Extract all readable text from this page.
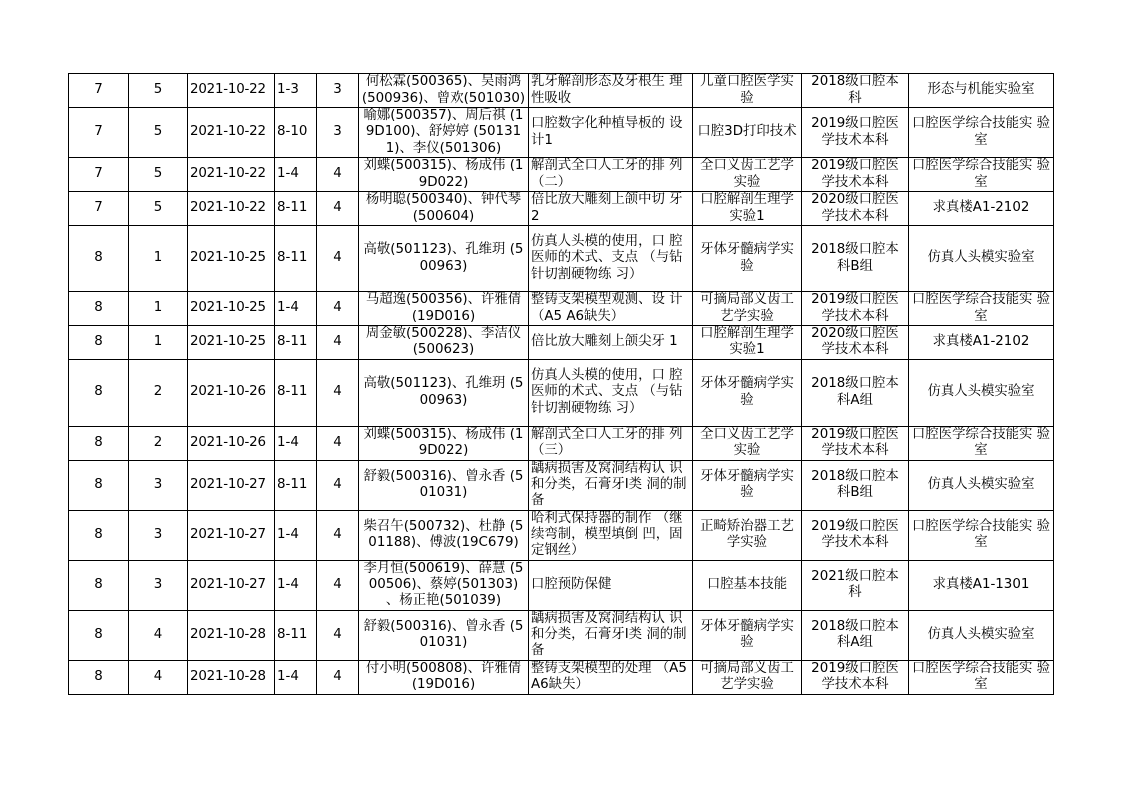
7	5	2021-10-22	1-3	3	何松霖(500365)、吴雨鸿 (500936)、曾欢(501030)	乳牙解剖形态及牙根生 理性吸收	儿童口腔医学实 验	2018级口腔本 科	形态与机能实验室
7	5	2021-10-22	8-10	3	喻娜(500357)、周后祺 (19D100)、舒婷婷 (501311)、李仪(501306)	口腔数字化种植导板的 设计1	口腔3D打印技术	2019级口腔医 学技术本科	口腔医学综合技能实 验室
7	5	2021-10-22	1-4	4	刘蝶(500315)、杨成伟 (19D022)	解剖式全口人工牙的排 列（二）	全口义齿工艺学 实验	2019级口腔医 学技术本科	口腔医学综合技能实 验室
7	5	2021-10-22	8-11	4	杨明聪(500340)、钟代琴 (500604)	倍比放大雕刻上颌中切 牙2	口腔解剖生理学 实验1	2020级口腔医 学技术本科	求真楼A1-2102
8	1	2021-10-25	8-11	4	高敬(501123)、孔维玥 (500963)	仿真人头模的使用，口 腔医师的术式、支点 （与钻针切割硬物练 习）	牙体牙髓病学实 验	2018级口腔本 科B组	仿真人头模实验室
8	1	2021-10-25	1-4	4	马超逸(500356)、许雅倩 (19D016)	整铸支架模型观测、设 计（A5 A6缺失）	可摘局部义齿工 艺学实验	2019级口腔医 学技术本科	口腔医学综合技能实 验室
8	1	2021-10-25	8-11	4	周金敏(500228)、李洁仪 (500623)	倍比放大雕刻上颌尖牙 1	口腔解剖生理学 实验1	2020级口腔医 学技术本科	求真楼A1-2102
8	2	2021-10-26	8-11	4	高敬(501123)、孔维玥 (500963)	仿真人头模的使用，口 腔医师的术式、支点 （与钻针切割硬物练 习）	牙体牙髓病学实 验	2018级口腔本 科A组	仿真人头模实验室
8	2	2021-10-26	1-4	4	刘蝶(500315)、杨成伟 (19D022)	解剖式全口人工牙的排 列（三）	全口义齿工艺学 实验	2019级口腔医 学技术本科	口腔医学综合技能实 验室
8	3	2021-10-27	8-11	4	舒毅(500316)、曾永香 (501031)	龋病损害及窝洞结构认 识和分类，石膏牙Ⅰ类 洞的制备	牙体牙髓病学实 验	2018级口腔本 科B组	仿真人头模实验室
8	3	2021-10-27	1-4	4	柴召午(500732)、杜静 (501188)、傅波(19C679)	哈利式保持器的制作 （继续弯制，模型填倒 凹，固定钢丝）	正畸矫治器工艺 学实验	2019级口腔医 学技术本科	口腔医学综合技能实 验室
8	3	2021-10-27	1-4	4	李月恒(500619)、薛慧 (500506)、蔡婷(501303) 、杨正艳(501039)	口腔预防保健	口腔基本技能	2021级口腔本 科	求真楼A1-1301
8	4	2021-10-28	8-11	4	舒毅(500316)、曾永香 (501031)	龋病损害及窝洞结构认 识和分类，石膏牙Ⅰ类 洞的制备	牙体牙髓病学实 验	2018级口腔本 科A组	仿真人头模实验室
8	4	2021-10-28	1-4	4	付小明(500808)、许雅倩 (19D016)	整铸支架模型的处理 （A5 A6缺失）	可摘局部义齿工 艺学实验	2019级口腔医 学技术本科	口腔医学综合技能实 验室
